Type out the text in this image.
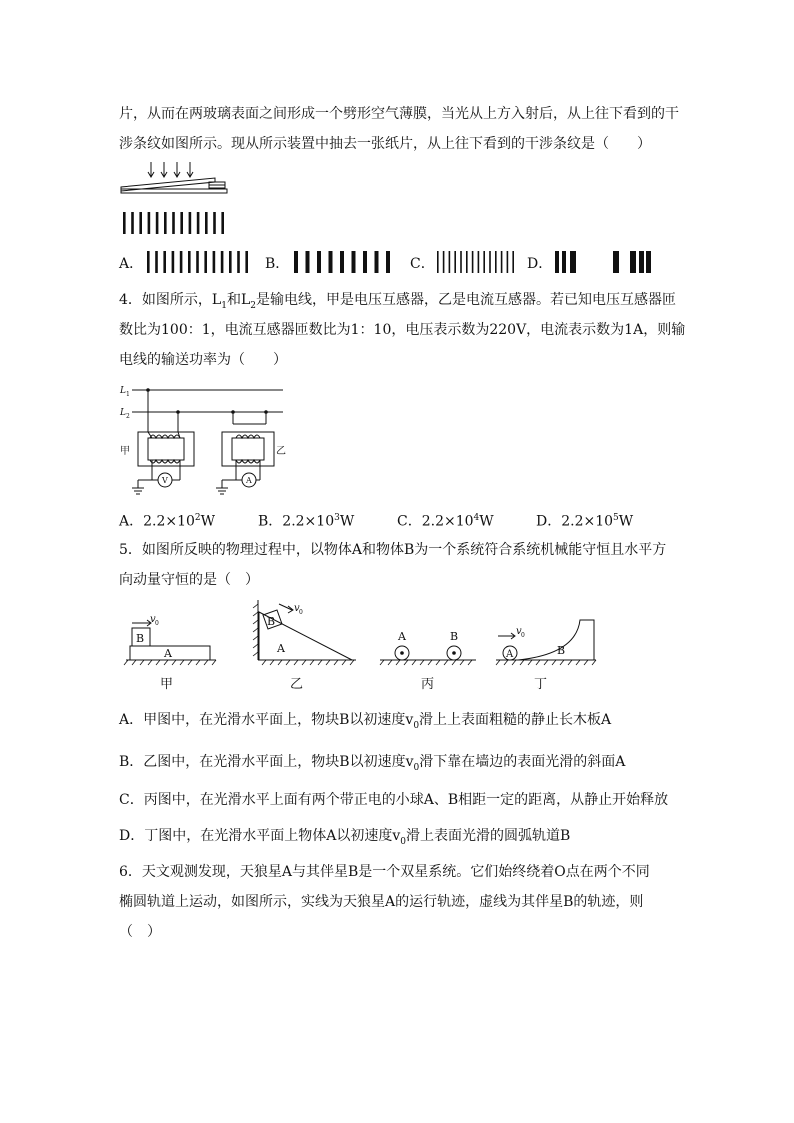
片，从而在两玻璃表面之间形成一个劈形空气薄膜，当光从上方入射后，从上往下看到的干
涉条纹如图所示。现从所示装置中抽去一张纸片，从上往下看到的干涉条纹是（　　）
A．	B．	C．	D．
4．如图所示，$L_1$和$L_2$是输电线，甲是电压互感器，乙是电流互感器。若已知电压互感器匝
数比为100：1，电流互感器匝数比为1：10，电压表示数为220V，电流表示数为1A，则输
电线的输送功率为（　　）
L 1
L 2
甲	乙
V	A
A．$2.2\times 10^2W$	B．$2.2\times 10^3W$	C．$2.2\times 10^4W$	D．$2.2\times 10^5W$
5．如图所反映的物理过程中，以物体A和物体B为一个系统符合系统机械能守恒且水平方
向动量守恒的是（　）
B
A
v 0	B
A
v 0
A	B
A	B
v 0
甲	乙	丙	丁
A．甲图中，在光滑水平面上，物块B以初速度$v_0$滑上上表面粗糙的静止长木板A
B．乙图中，在光滑水平面上，物块B以初速度$v_0$滑下靠在墙边的表面光滑的斜面A
C．丙图中，在光滑水平上面有两个带正电的小球A、B相距一定的距离，从静止开始释放
D．丁图中，在光滑水平面上物体A以初速度$v_0$滑上表面光滑的圆弧轨道B
6．天文观测发现，天狼星A与其伴星B是一个双星系统。它们始终绕着O点在两个不同
椭圆轨道上运动，如图所示，实线为天狼星A的运行轨迹，虚线为其伴星B的轨迹，则
（　）
